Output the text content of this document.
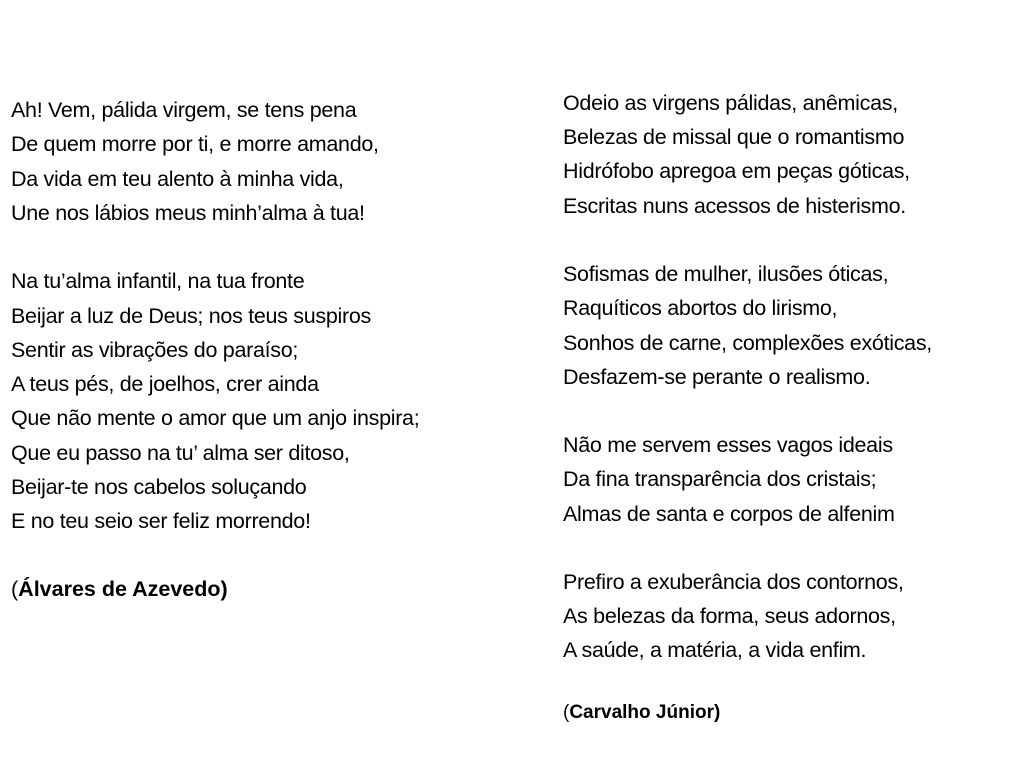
Ah! Vem, pálida virgem, se tens pena
De quem morre por ti, e morre amando,
Da vida em teu alento à minha vida,
Une nos lábios meus minh’alma à tua!
Na tu’alma infantil, na tua fronte
Beijar a luz de Deus; nos teus suspiros
Sentir as vibrações do paraíso;
A teus pés, de joelhos, crer ainda
Que não mente o amor que um anjo inspira;
Que eu passo na tu’ alma ser ditoso,
Beijar-te nos cabelos soluçando
E no teu seio ser feliz morrendo!
(Álvares de Azevedo)
Odeio as virgens pálidas, anêmicas,
Belezas de missal que o romantismo
Hidrófobo apregoa em peças góticas,
Escritas nuns acessos de histerismo.
Sofismas de mulher, ilusões óticas,
Raquíticos abortos do lirismo,
Sonhos de carne, complexões exóticas,
Desfazem-se perante o realismo.
Não me servem esses vagos ideais
Da fina transparência dos cristais;
Almas de santa e corpos de alfenim
Prefiro a exuberância dos contornos,
As belezas da forma, seus adornos,
A saúde, a matéria, a vida enfim.
(Carvalho Júnior)
